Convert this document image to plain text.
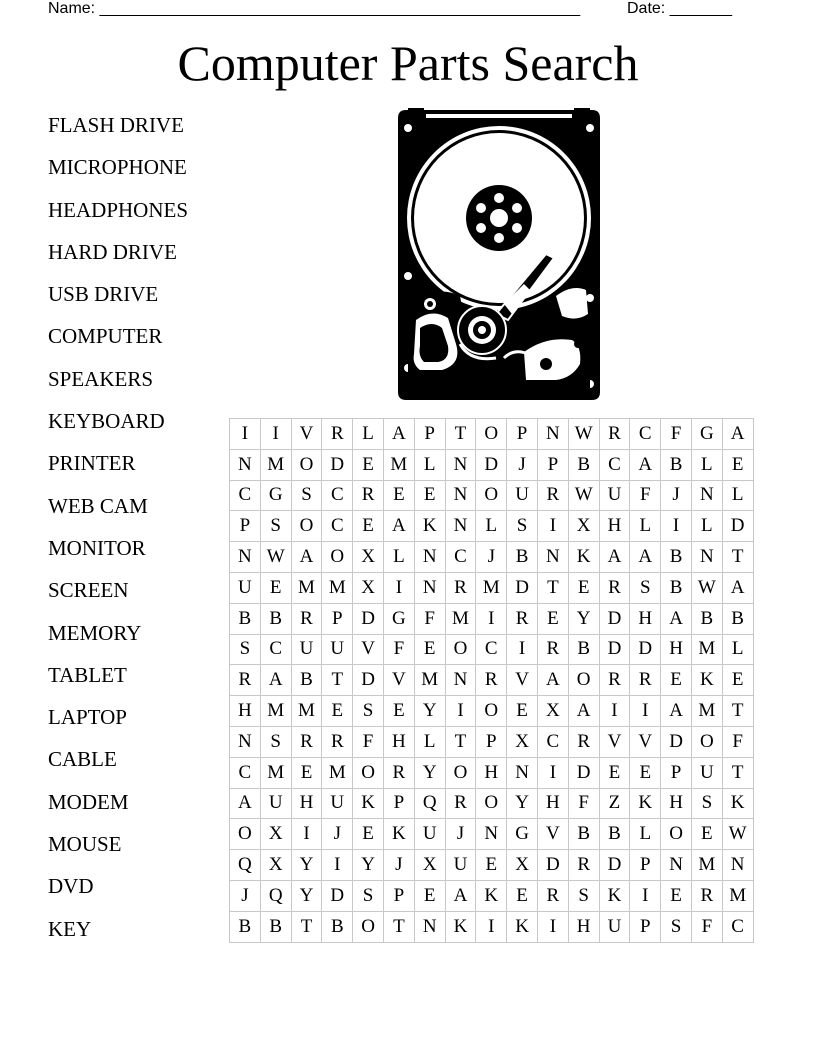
Name: ______________________________________________________	Date: _______
Computer Parts Search
FLASH DRIVE
MICROPHONE
HEADPHONES
HARD DRIVE
USB DRIVE
COMPUTER
SPEAKERS
KEYBOARD
PRINTER
WEB CAM
MONITOR
SCREEN
MEMORY
TABLET
LAPTOP
CABLE
MODEM
MOUSE
DVD
KEY
I	I	V	R	L	A	P	T	O	P	N	W	R	C	F	G	A
N	M	O	D	E	M	L	N	D	J	P	B	C	A	B	L	E
C	G	S	C	R	E	E	N	O	U	R	W	U	F	J	N	L
P	S	O	C	E	A	K	N	L	S	I	X	H	L	I	L	D
N	W	A	O	X	L	N	C	J	B	N	K	A	A	B	N	T
U	E	M	M	X	I	N	R	M	D	T	E	R	S	B	W	A
B	B	R	P	D	G	F	M	I	R	E	Y	D	H	A	B	B
S	C	U	U	V	F	E	O	C	I	R	B	D	D	H	M	L
R	A	B	T	D	V	M	N	R	V	A	O	R	R	E	K	E
H	M	M	E	S	E	Y	I	O	E	X	A	I	I	A	M	T
N	S	R	R	F	H	L	T	P	X	C	R	V	V	D	O	F
C	M	E	M	O	R	Y	O	H	N	I	D	E	E	P	U	T
A	U	H	U	K	P	Q	R	O	Y	H	F	Z	K	H	S	K
O	X	I	J	E	K	U	J	N	G	V	B	B	L	O	E	W
Q	X	Y	I	Y	J	X	U	E	X	D	R	D	P	N	M	N
J	Q	Y	D	S	P	E	A	K	E	R	S	K	I	E	R	M
B	B	T	B	O	T	N	K	I	K	I	H	U	P	S	F	C
